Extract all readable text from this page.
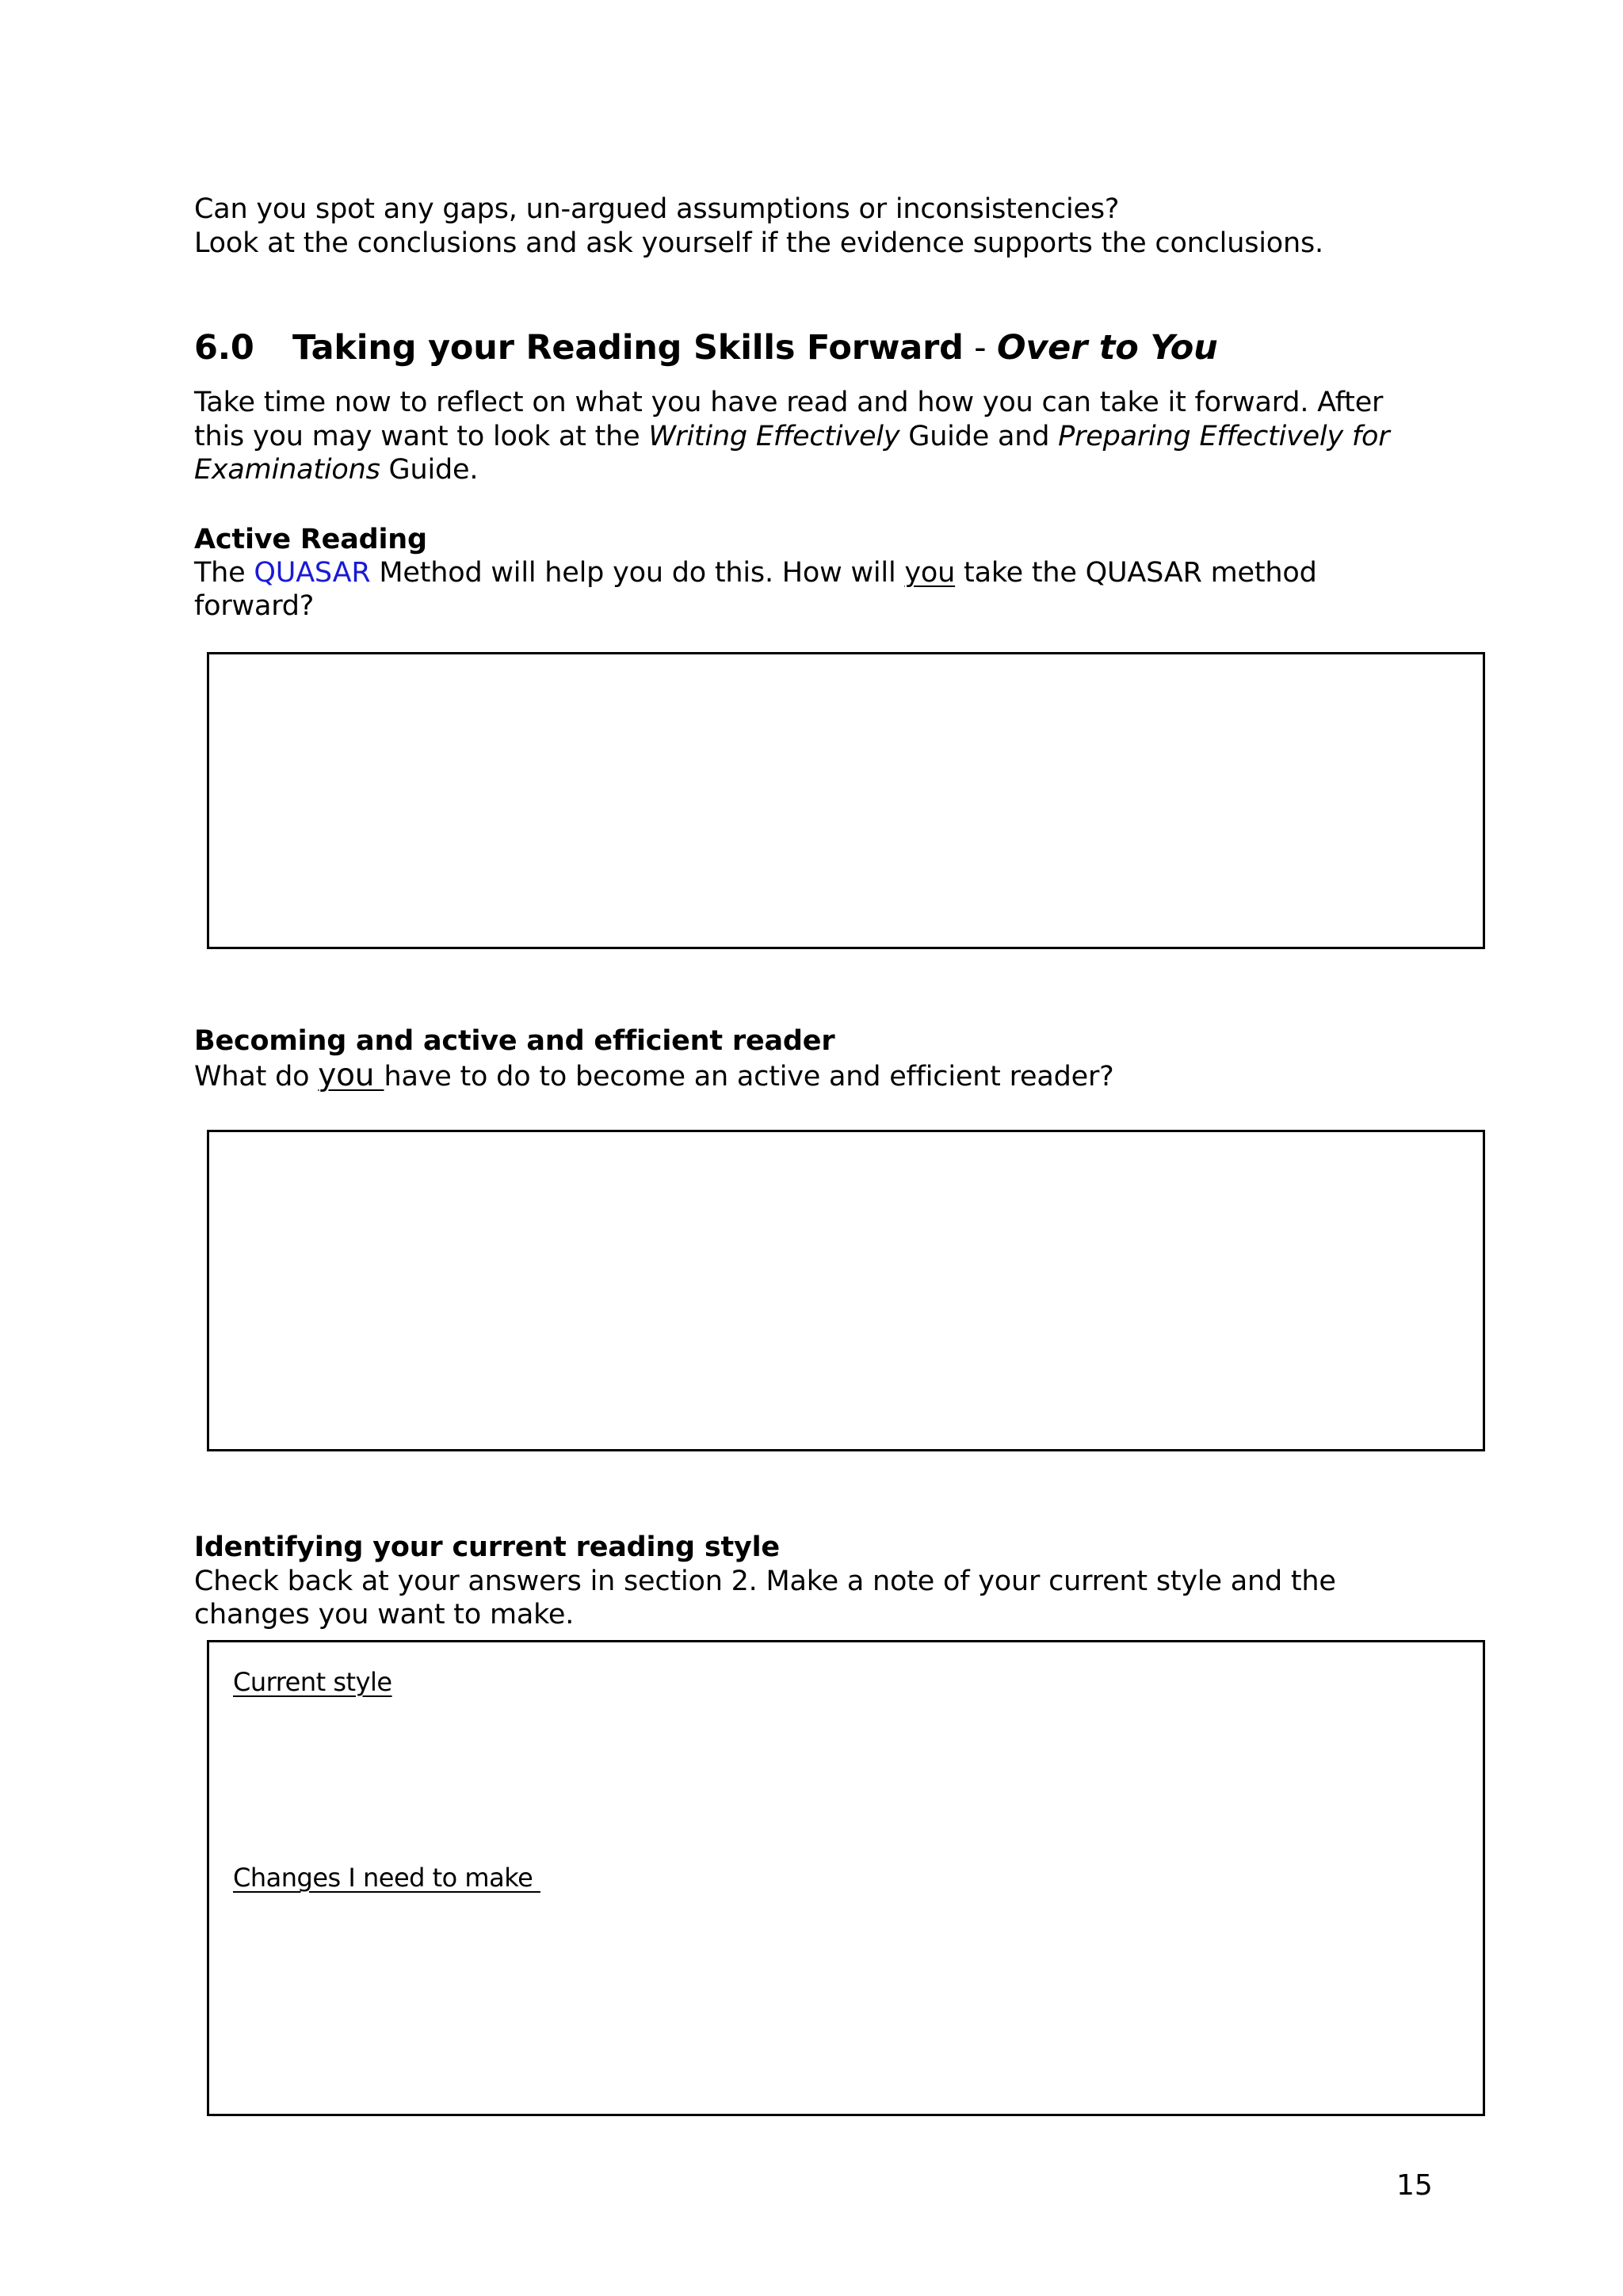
Can you spot any gaps, un-argued assumptions or inconsistencies?
Look at the conclusions and ask yourself if the evidence supports the conclusions.
6.0 Taking your Reading Skills Forward - Over to You
Take time now to reflect on what you have read and how you can take it forward. After
this you may want to look at the Writing Effectively Guide and Preparing Effectively for
Examinations Guide.
Active Reading
The QUASAR Method will help you do this. How will you take the QUASAR method
forward?
Becoming and active and efficient reader
What do you have to do to become an active and efficient reader?
Identifying your current reading style
Check back at your answers in section 2. Make a note of your current style and the
changes you want to make.
Current style
Changes I need to make
15
